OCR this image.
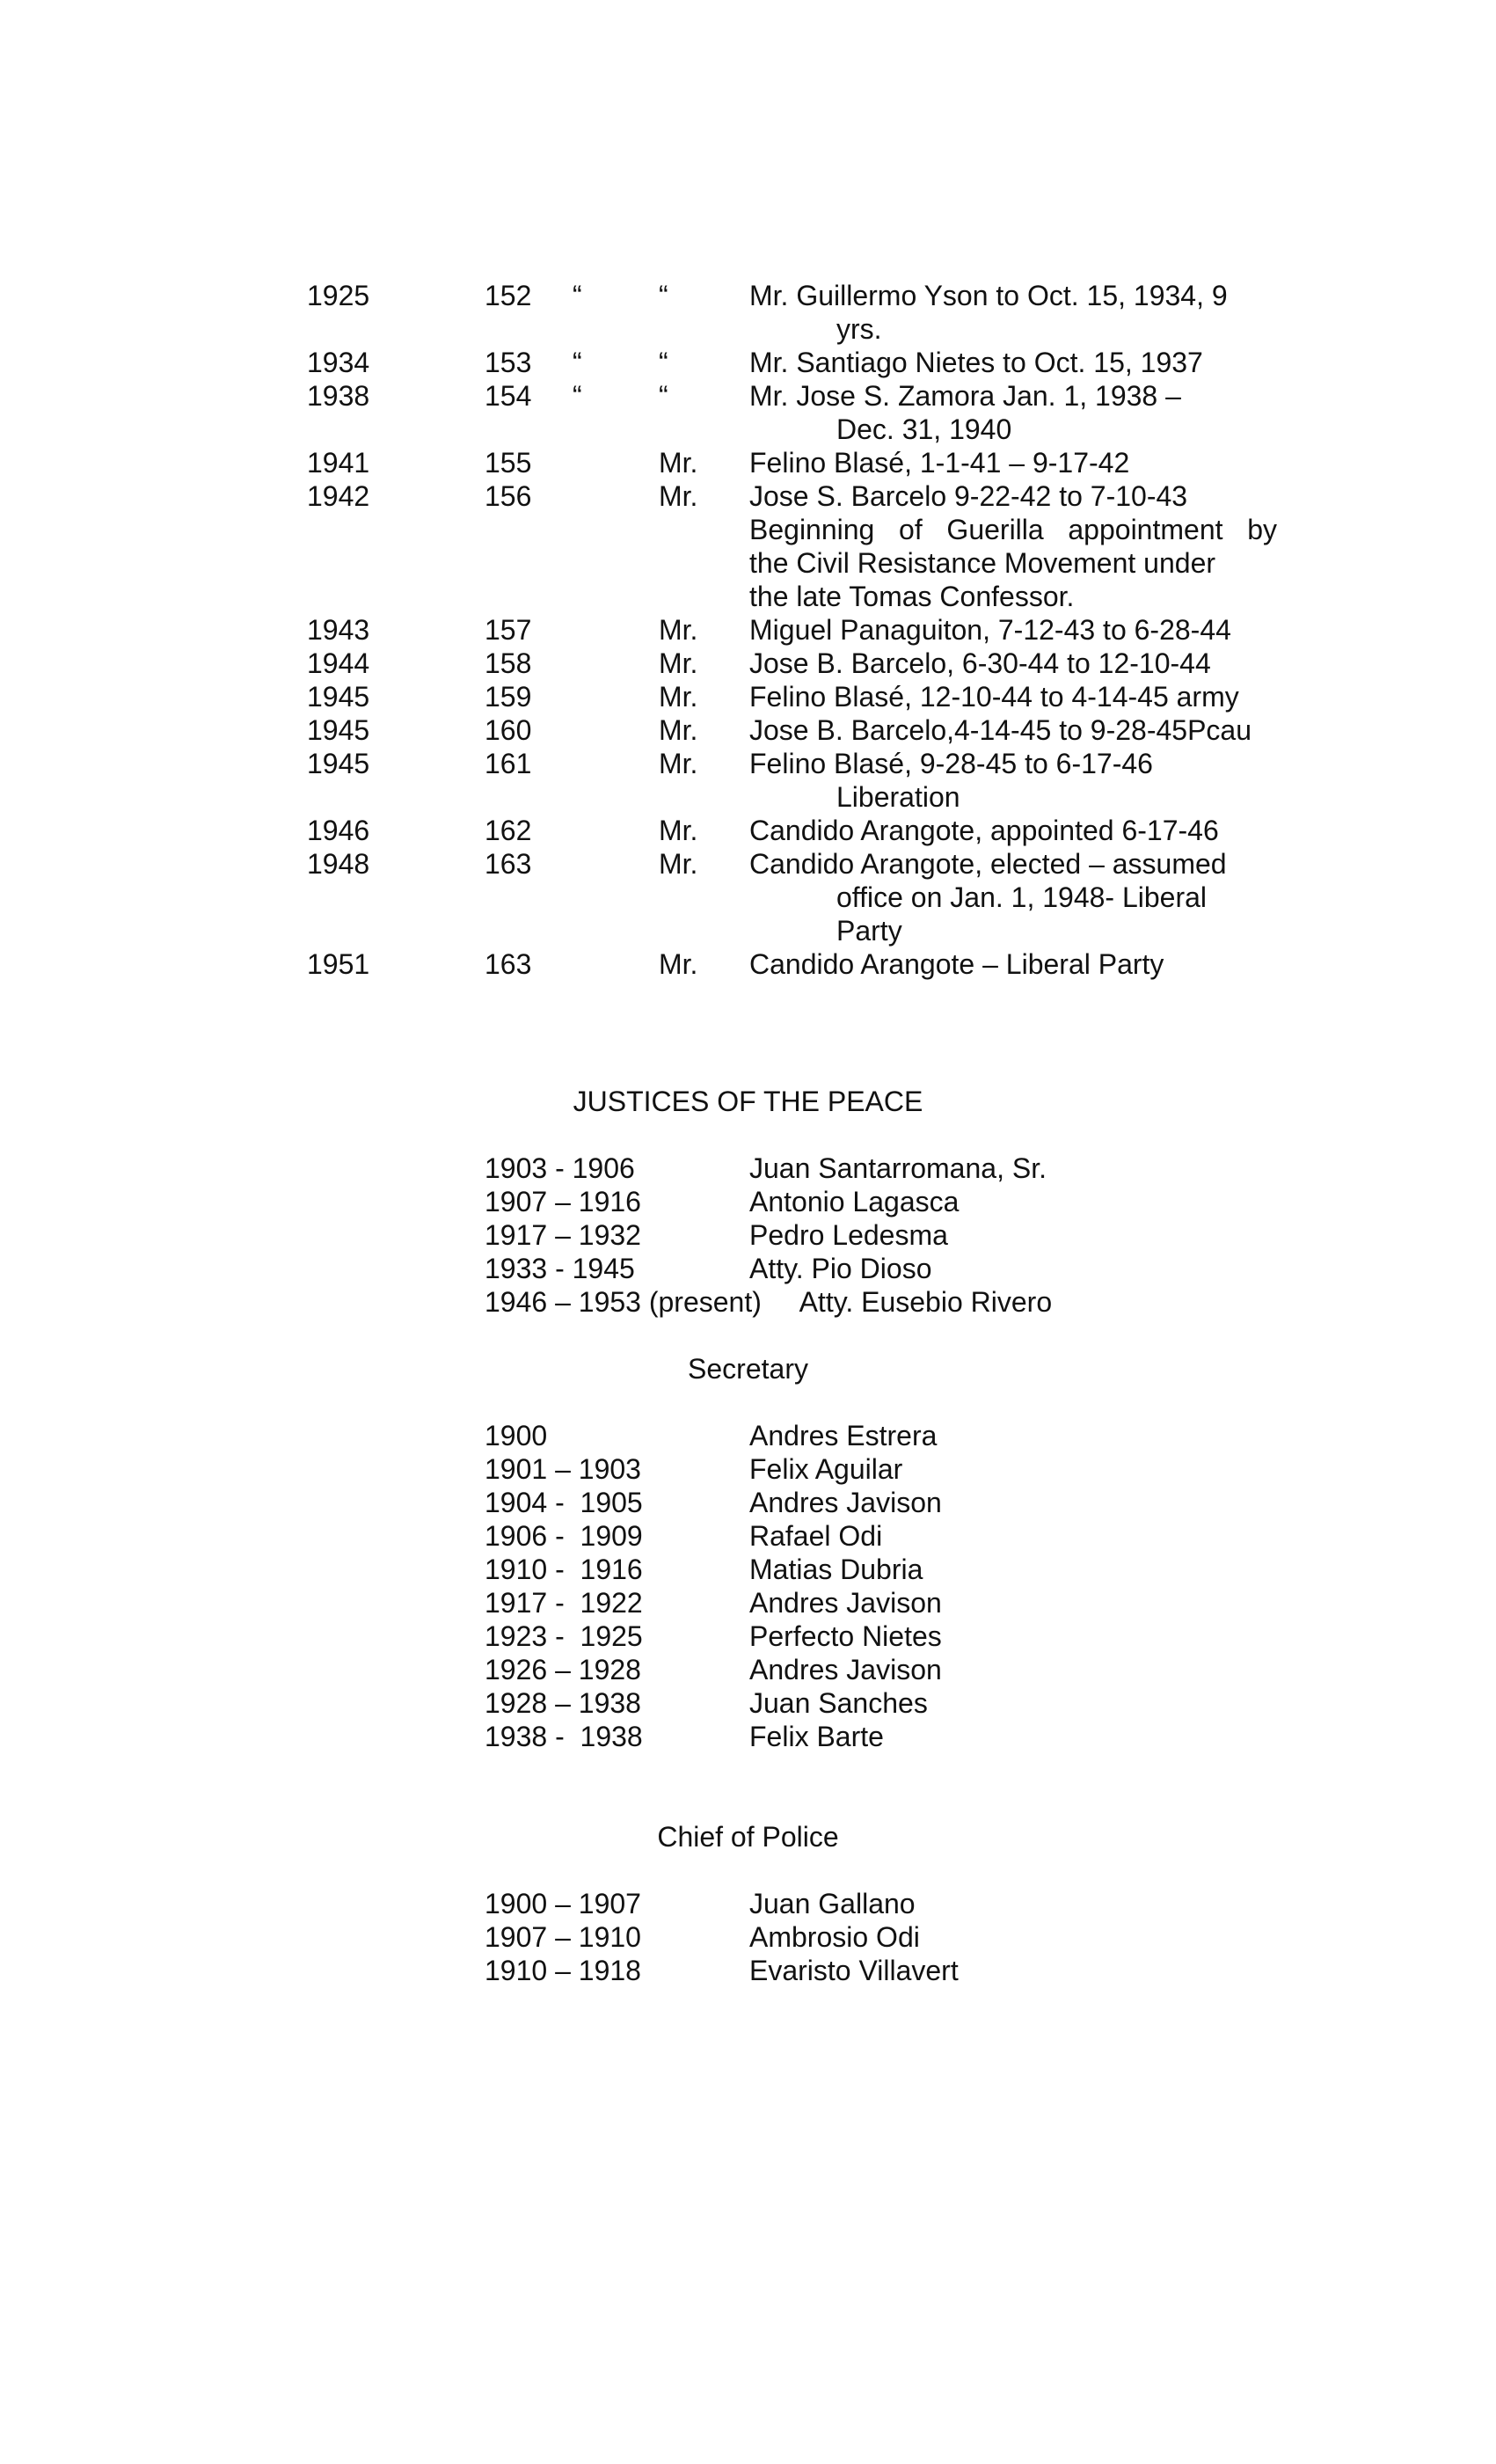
1925	152 “	“	Mr. Guillermo Yson to Oct. 15, 1934, 9
yrs.
1934	153 “	“	Mr. Santiago Nietes to Oct. 15, 1937
1938	154 “	“	Mr. Jose S. Zamora Jan. 1, 1938 –
Dec. 31, 1940
1941	155	Mr. Felino Blasé, 1-1-41 – 9-17-42
1942	156	Mr. Jose S. Barcelo 9-22-42 to 7-10-43
Beginning of Guerilla appointment by
the Civil Resistance Movement under
the late Tomas Confessor.
1943	157	Mr. Miguel Panaguiton, 7-12-43 to 6-28-44
1944	158	Mr. Jose B. Barcelo, 6-30-44 to 12-10-44
1945	159	Mr. Felino Blasé, 12-10-44 to 4-14-45 army
1945	160	Mr. Jose B. Barcelo,4-14-45 to 9-28-45Pcau
1945	161	Mr. Felino Blasé, 9-28-45 to 6-17-46
Liberation
1946	162	Mr. Candido Arangote, appointed 6-17-46
1948	163	Mr. Candido Arangote, elected – assumed
office on Jan. 1, 1948- Liberal
Party
1951	163	Mr. Candido Arangote – Liberal Party
JUSTICES OF THE PEACE
1903 - 1906	Juan Santarromana, Sr.
1907 – 1916	Antonio Lagasca
1917 – 1932	Pedro Ledesma
1933 - 1945	Atty. Pio Dioso
1946 – 1953 (present)     Atty. Eusebio Rivero
Secretary
1900	Andres Estrera
1901 – 1903	Felix Aguilar
1904 -  1905	Andres Javison
1906 -  1909	Rafael Odi
1910 -  1916	Matias Dubria
1917 -  1922	Andres Javison
1923 -  1925	Perfecto Nietes
1926 – 1928	Andres Javison
1928 – 1938	Juan Sanches
1938 -  1938	Felix Barte
Chief of Police
1900 – 1907	Juan Gallano
1907 – 1910	Ambrosio Odi
1910 – 1918	Evaristo Villavert
